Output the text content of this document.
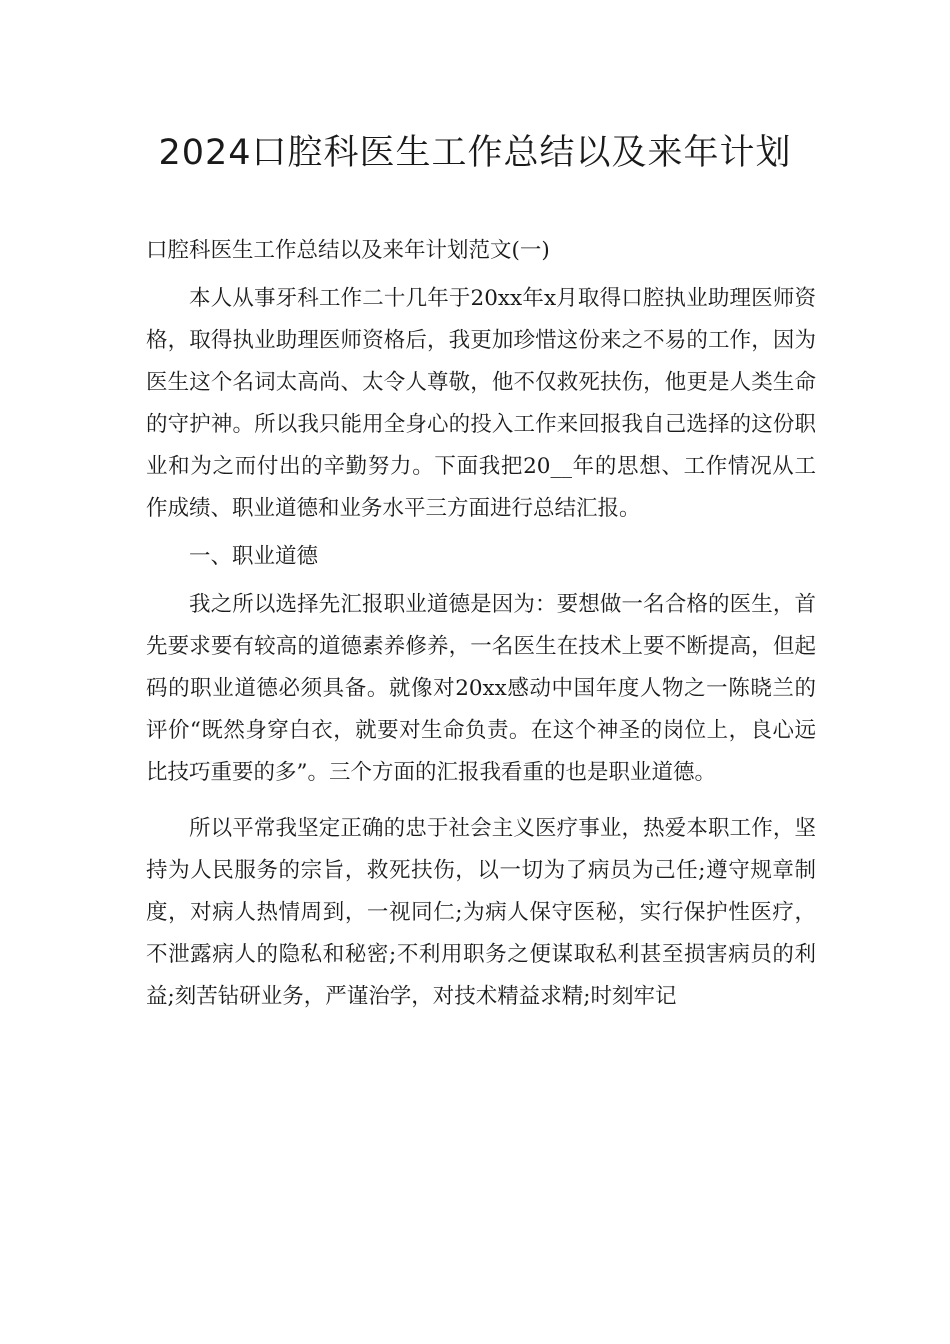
2024口腔科医生工作总结以及来年计划

口腔科医生工作总结以及来年计划范文(一)

本人从事牙科工作二十几年于20xx年x月取得口腔执业助理医师资格，取得执业助理医师资格后，我更加珍惜这份来之不易的工作，因为医生这个名词太高尚、太令人尊敬，他不仅救死扶伤，他更是人类生命的守护神。所以我只能用全身心的投入工作来回报我自己选择的这份职业和为之而付出的辛勤努力。下面我把20__年的思想、工作情况从工作成绩、职业道德和业务水平三方面进行总结汇报。

一、职业道德

我之所以选择先汇报职业道德是因为：要想做一名合格的医生，首先要求要有较高的道德素养修养，一名医生在技术上要不断提高，但起码的职业道德必须具备。就像对20xx感动中国年度人物之一陈晓兰的评价“既然身穿白衣，就要对生命负责。在这个神圣的岗位上，良心远比技巧重要的多”。三个方面的汇报我看重的也是职业道德。

所以平常我坚定正确的忠于社会主义医疗事业，热爱本职工作，坚持为人民服务的宗旨，救死扶伤，以一切为了病员为己任;遵守规章制度，对病人热情周到，一视同仁;为病人保守医秘，实行保护性医疗，不泄露病人的隐私和秘密;不利用职务之便谋取私利甚至损害病员的利益;刻苦钻研业务，严谨治学，对技术精益求精;时刻牢记
